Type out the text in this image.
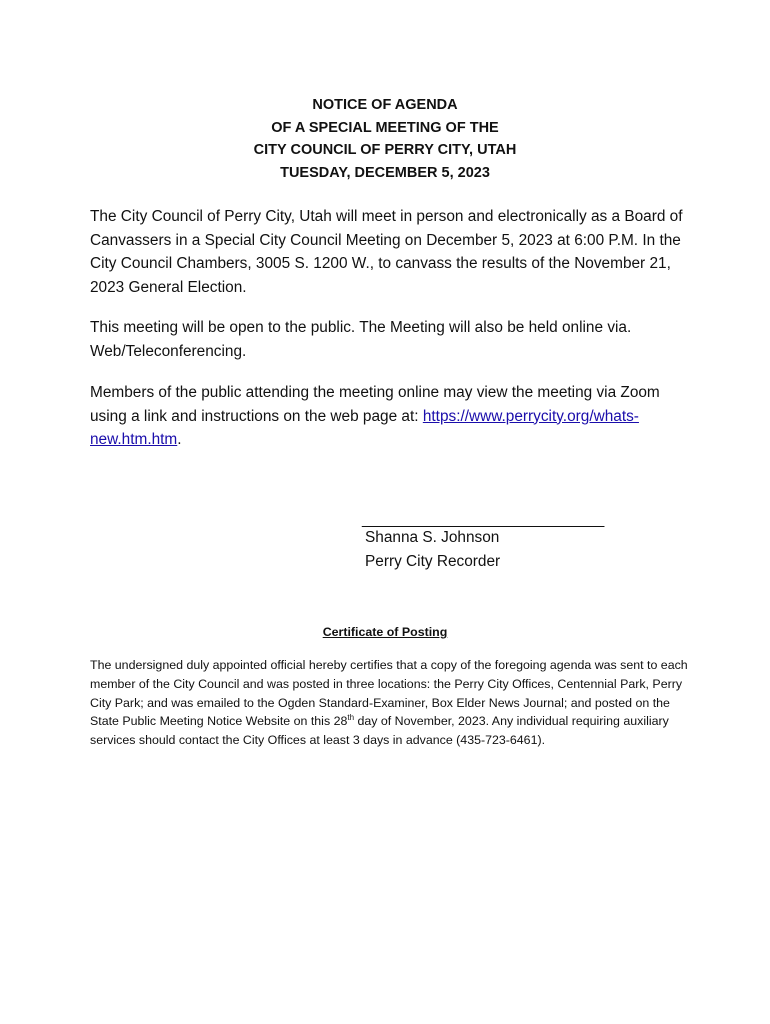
NOTICE OF AGENDA
OF A SPECIAL MEETING OF THE
CITY COUNCIL OF PERRY CITY, UTAH
TUESDAY, DECEMBER 5, 2023
The City Council of Perry City, Utah will meet in person and electronically as a Board of Canvassers in a Special City Council Meeting on December 5, 2023 at 6:00 P.M. In the City Council Chambers, 3005 S. 1200 W., to canvass the results of the November 21, 2023 General Election.
This meeting will be open to the public. The Meeting will also be held online via. Web/Teleconferencing.
Members of the public attending the meeting online may view the meeting via Zoom using a link and instructions on the web page at: https://www.perrycity.org/whats-new.htm.htm.
______________________________
Shanna S. Johnson
Perry City Recorder
Certificate of Posting
The undersigned duly appointed official hereby certifies that a copy of the foregoing agenda was sent to each member of the City Council and was posted in three locations: the Perry City Offices, Centennial Park, Perry City Park; and was emailed to the Ogden Standard-Examiner, Box Elder News Journal; and posted on the State Public Meeting Notice Website on this 28th day of November, 2023. Any individual requiring auxiliary services should contact the City Offices at least 3 days in advance (435-723-6461).
